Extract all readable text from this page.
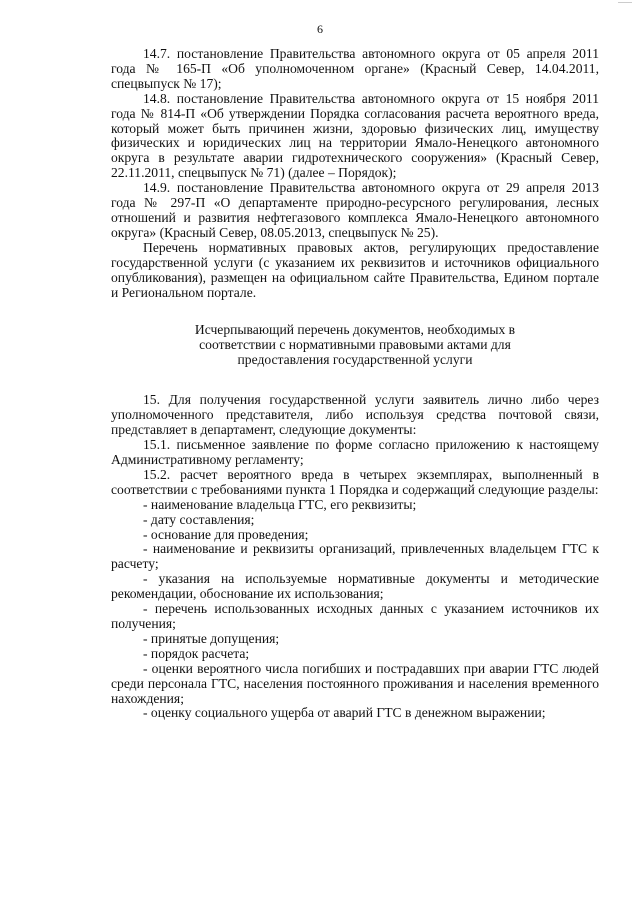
6

14.7. постановление Правительства автономного округа от 05 апреля 2011 года № 165-П «Об уполномоченном органе» (Красный Север, 14.04.2011, спецвыпуск № 17);

14.8. постановление Правительства автономного округа от 15 ноября 2011 года № 814-П «Об утверждении Порядка согласования расчета вероятного вреда, который может быть причинен жизни, здоровью физических лиц, имуществу физических и юридических лиц на территории Ямало-Ненецкого автономного округа в результате аварии гидротехнического сооружения» (Красный Север, 22.11.2011, спецвыпуск № 71) (далее – Порядок);

14.9. постановление Правительства автономного округа от 29 апреля 2013 года № 297-П «О департаменте природно-ресурсного регулирования, лесных отношений и развития нефтегазового комплекса Ямало-Ненецкого автономного округа» (Красный Север, 08.05.2013, спецвыпуск № 25).

Перечень нормативных правовых актов, регулирующих предоставление государственной услуги (с указанием их реквизитов и источников официального опубликования), размещен на официальном сайте Правительства, Едином портале и Региональном портале.

Исчерпывающий перечень документов, необходимых в
соответствии с нормативными правовыми актами для
предоставления государственной услуги

15. Для получения государственной услуги заявитель лично либо через уполномоченного представителя, либо используя средства почтовой связи, представляет в департамент, следующие документы:

15.1. письменное заявление по форме согласно приложению к настоящему Административному регламенту;

15.2. расчет вероятного вреда в четырех экземплярах, выполненный в соответствии с требованиями пункта 1 Порядка и содержащий следующие разделы:

- наименование владельца ГТС, его реквизиты;

- дату составления;

- основание для проведения;

- наименование и реквизиты организаций, привлеченных владельцем ГТС к расчету;

- указания на используемые нормативные документы и методические рекомендации, обоснование их использования;

- перечень использованных исходных данных с указанием источников их получения;

- принятые допущения;

- порядок расчета;

- оценки вероятного числа погибших и пострадавших при аварии ГТС людей среди персонала ГТС, населения постоянного проживания и населения временного нахождения;

- оценку социального ущерба от аварий ГТС в денежном выражении;
